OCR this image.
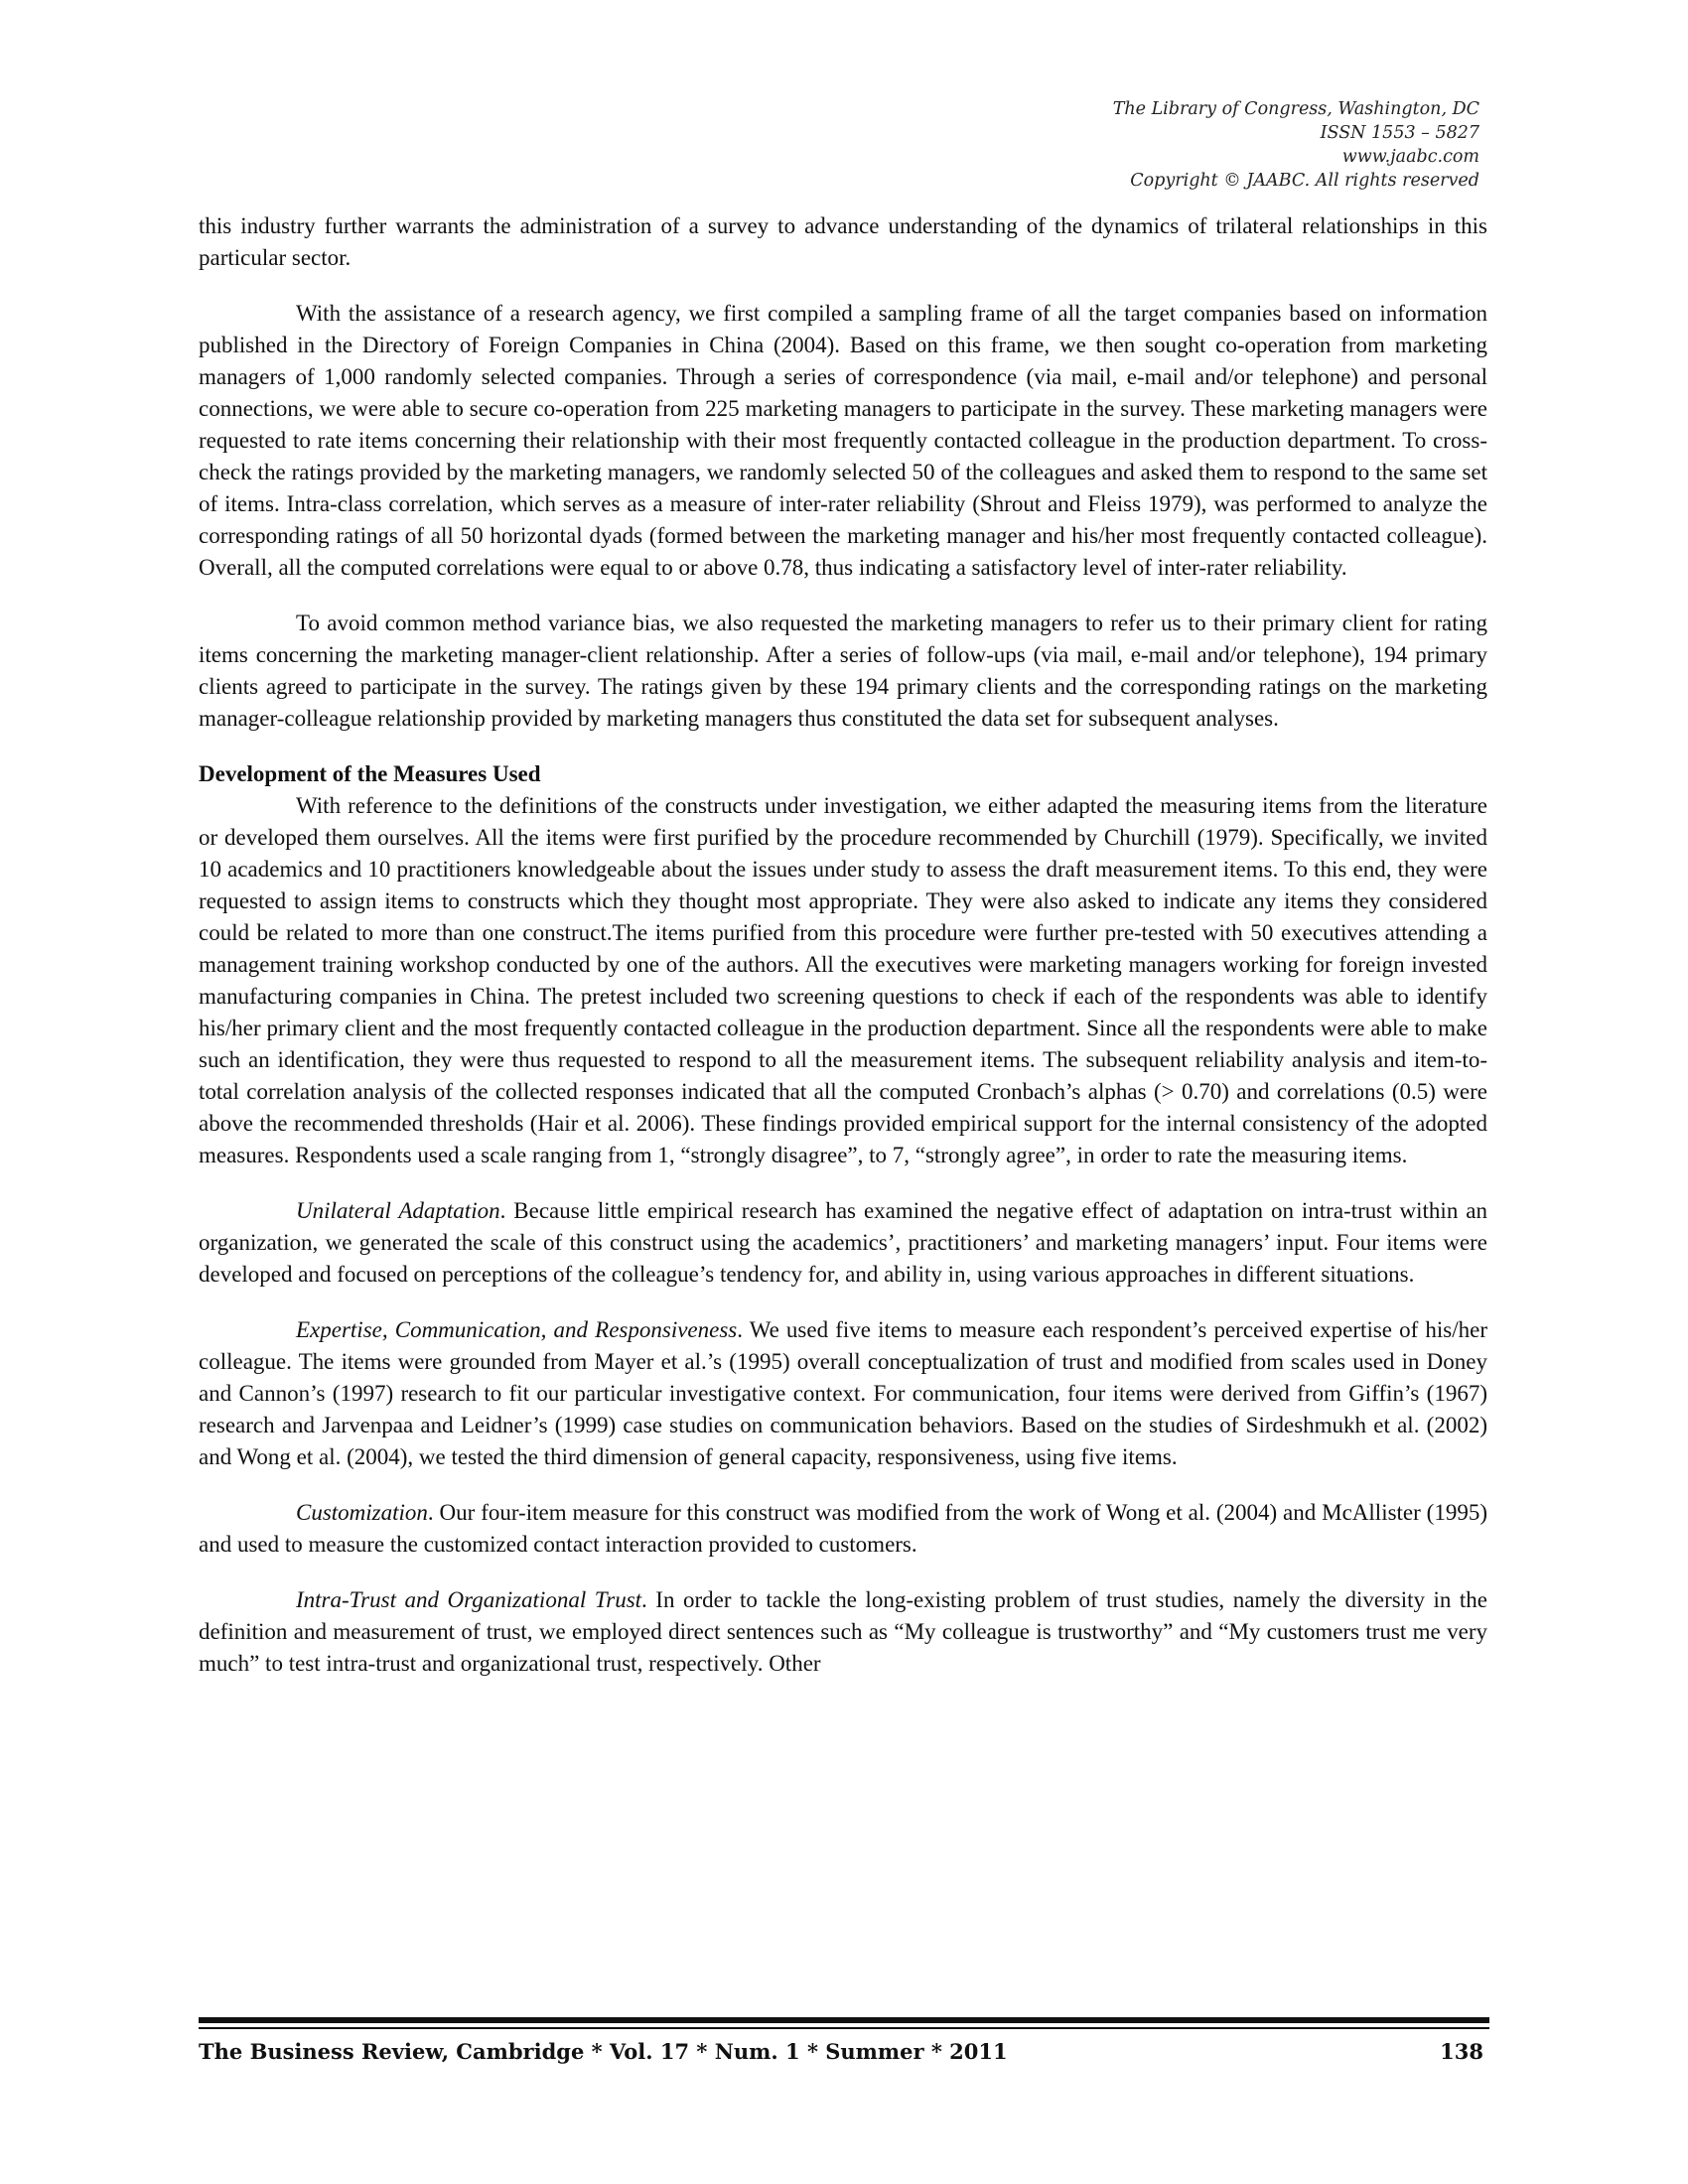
The Library of Congress, Washington, DC
ISSN 1553 – 5827
www.jaabc.com
Copyright © JAABC. All rights reserved

this industry further warrants the administration of a survey to advance understanding of the dynamics of trilateral relationships in this particular sector.

With the assistance of a research agency, we first compiled a sampling frame of all the target companies based on information published in the Directory of Foreign Companies in China (2004). Based on this frame, we then sought co-operation from marketing managers of 1,000 randomly selected companies. Through a series of correspondence (via mail, e-mail and/or telephone) and personal connections, we were able to secure co-operation from 225 marketing managers to participate in the survey. These marketing managers were requested to rate items concerning their relationship with their most frequently contacted colleague in the production department. To cross-check the ratings provided by the marketing managers, we randomly selected 50 of the colleagues and asked them to respond to the same set of items. Intra-class correlation, which serves as a measure of inter-rater reliability (Shrout and Fleiss 1979), was performed to analyze the corresponding ratings of all 50 horizontal dyads (formed between the marketing manager and his/her most frequently contacted colleague). Overall, all the computed correlations were equal to or above 0.78, thus indicating a satisfactory level of inter-rater reliability.

To avoid common method variance bias, we also requested the marketing managers to refer us to their primary client for rating items concerning the marketing manager-client relationship. After a series of follow-ups (via mail, e-mail and/or telephone), 194 primary clients agreed to participate in the survey. The ratings given by these 194 primary clients and the corresponding ratings on the marketing manager-colleague relationship provided by marketing managers thus constituted the data set for subsequent analyses.

Development of the Measures Used

With reference to the definitions of the constructs under investigation, we either adapted the measuring items from the literature or developed them ourselves. All the items were first purified by the procedure recommended by Churchill (1979). Specifically, we invited 10 academics and 10 practitioners knowledgeable about the issues under study to assess the draft measurement items. To this end, they were requested to assign items to constructs which they thought most appropriate. They were also asked to indicate any items they considered could be related to more than one construct.The items purified from this procedure were further pre-tested with 50 executives attending a management training workshop conducted by one of the authors. All the executives were marketing managers working for foreign invested manufacturing companies in China. The pretest included two screening questions to check if each of the respondents was able to identify his/her primary client and the most frequently contacted colleague in the production department. Since all the respondents were able to make such an identification, they were thus requested to respond to all the measurement items. The subsequent reliability analysis and item-to-total correlation analysis of the collected responses indicated that all the computed Cronbach’s alphas (> 0.70) and correlations (0.5) were above the recommended thresholds (Hair et al. 2006). These findings provided empirical support for the internal consistency of the adopted measures. Respondents used a scale ranging from 1, “strongly disagree”, to 7, “strongly agree”, in order to rate the measuring items.

Unilateral Adaptation. Because little empirical research has examined the negative effect of adaptation on intra-trust within an organization, we generated the scale of this construct using the academics’, practitioners’ and marketing managers’ input. Four items were developed and focused on perceptions of the colleague’s tendency for, and ability in, using various approaches in different situations.

Expertise, Communication, and Responsiveness. We used five items to measure each respondent’s perceived expertise of his/her colleague. The items were grounded from Mayer et al.’s (1995) overall conceptualization of trust and modified from scales used in Doney and Cannon’s (1997) research to fit our particular investigative context. For communication, four items were derived from Giffin’s (1967) research and Jarvenpaa and Leidner’s (1999) case studies on communication behaviors. Based on the studies of Sirdeshmukh et al. (2002) and Wong et al. (2004), we tested the third dimension of general capacity, responsiveness, using five items.

Customization. Our four-item measure for this construct was modified from the work of Wong et al. (2004) and McAllister (1995) and used to measure the customized contact interaction provided to customers.

Intra-Trust and Organizational Trust. In order to tackle the long-existing problem of trust studies, namely the diversity in the definition and measurement of trust, we employed direct sentences such as “My colleague is trustworthy” and “My customers trust me very much” to test intra-trust and organizational trust, respectively. Other

The Business Review, Cambridge * Vol. 17 * Num. 1 * Summer * 2011	138
